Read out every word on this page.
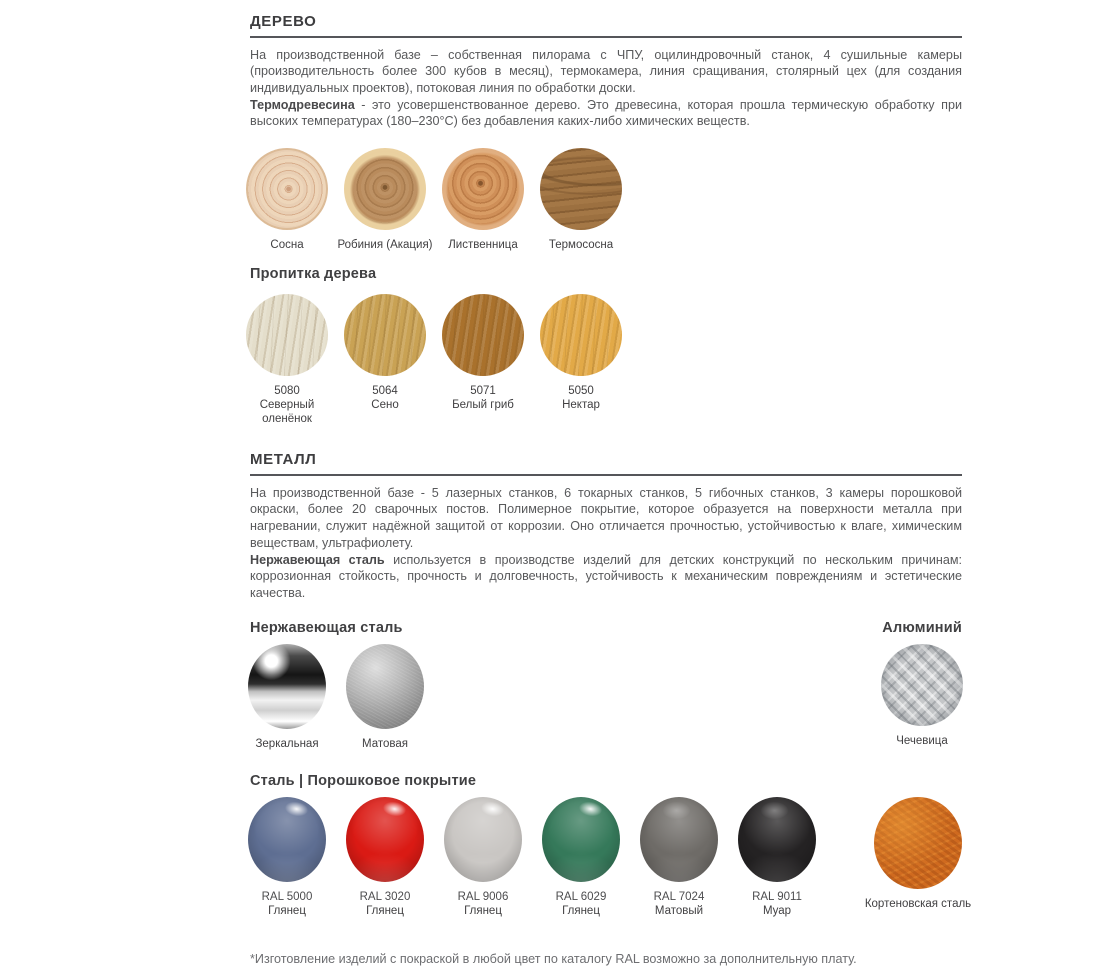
ДЕРЕВО

На производственной базе – собственная пилорама с ЧПУ, оцилиндровочный станок, 4 сушильные камеры (производительность более 300 кубов в месяц), термокамера, линия сращивания, столярный цех (для создания индивидуальных проектов), потоковая линия по обработки доски.

Термодревесина - это усовершенствованное дерево. Это древесина, которая прошла термическую обработку при высоких температурах (180–230°С) без добавления каких-либо химических веществ.

Сосна	Робиния (Акация)	Лиственница	Термососна
Пропитка дерева
5080
Северный оленёнок
5064
Сено
5071
Белый гриб
5050
Нектар
МЕТАЛЛ

На производственной базе - 5 лазерных станков, 6 токарных станков, 5 гибочных станков, 3 камеры порошковой окраски, более 20 сварочных постов. Полимерное покрытие, которое образуется на поверхности металла при нагревании, служит надёжной защитой от коррозии. Оно отличается прочностью, устойчивостью к влаге, химическим веществам, ультрафиолету.

Нержавеющая сталь используется в производстве изделий для детских конструкций по нескольким причинам: коррозионная стойкость, прочность и долговечность, устойчивость к механическим повреждениям и эстетические качества.

Нержавеющая сталь	Алюминий
Зеркальная	Матовая	Чечевица
Сталь | Порошковое покрытие
RAL 5000
Глянец
RAL 3020
Глянец
RAL 9006
Глянец
RAL 6029
Глянец
RAL 7024
Матовый
RAL 9011
Муар
Кортеновская сталь

*Изготовление изделий с покраской в любой цвет по каталогу RAL возможно за дополнительную плату.
